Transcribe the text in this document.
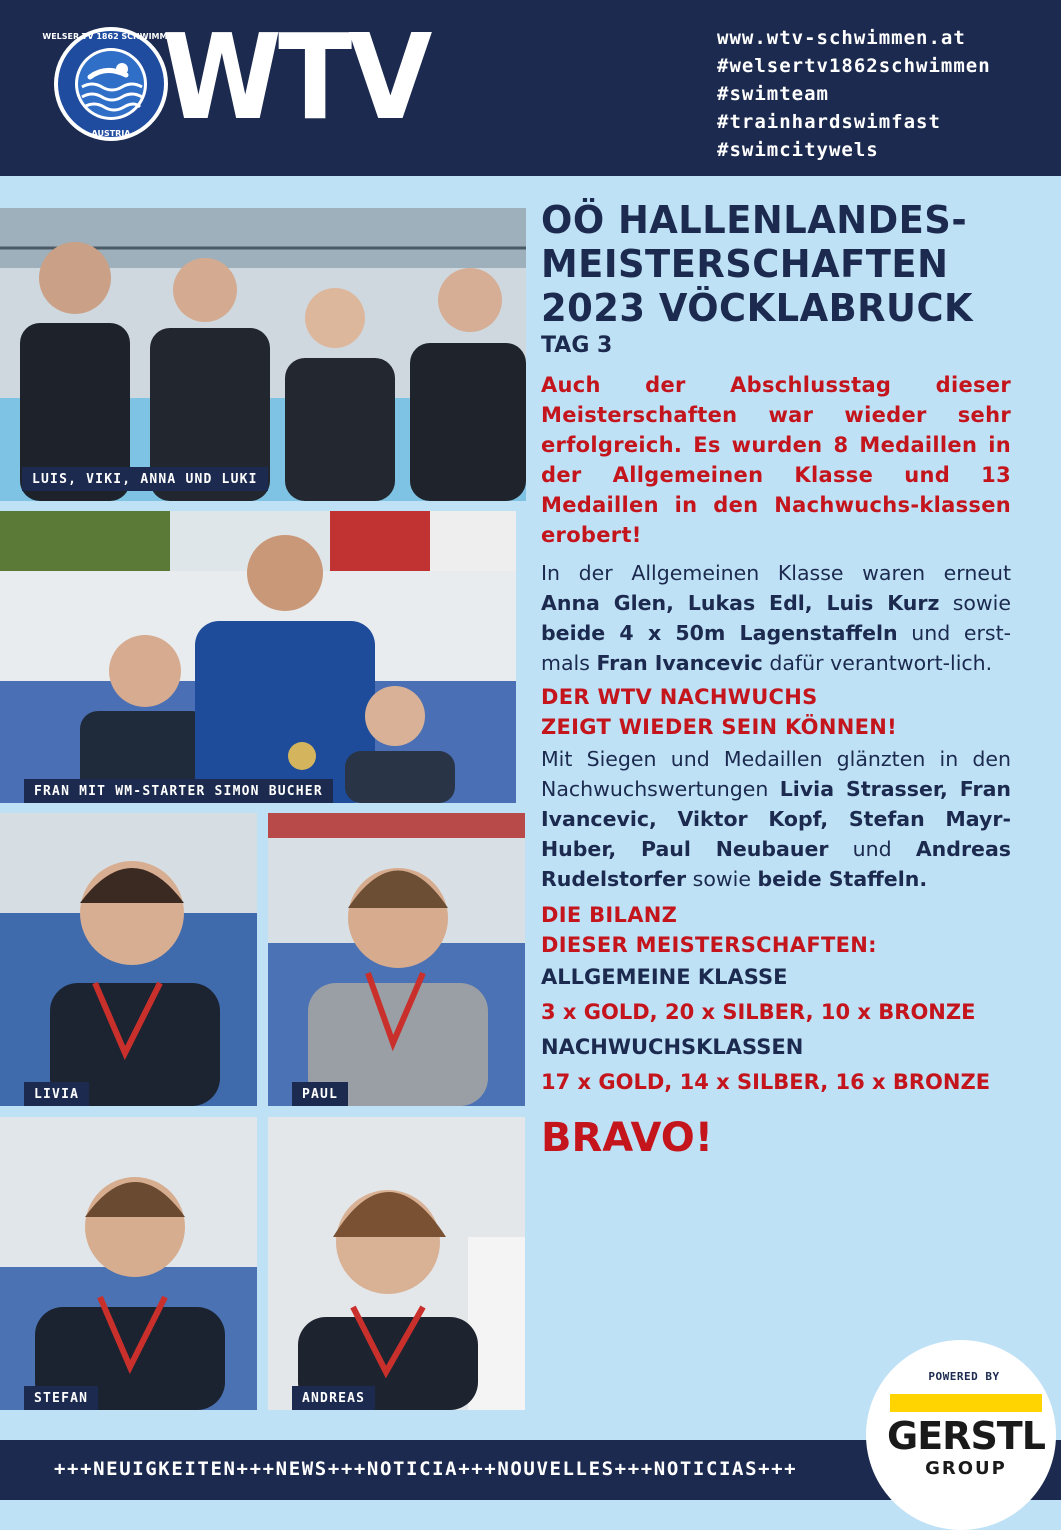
WELSER TV 1862 SCHWIMMEN
AUSTRIA WTV	www.wtv-schwimmen.at
#welsertv1862schwimmen
#swimteam
#trainhardswimfast
#swimcitywels
LUIS, VIKI, ANNA UND LUKI
FRAN MIT WM-STARTER SIMON BUCHER
LIVIA	PAUL
STEFAN	ANDREAS
OÖ HALLENLANDES-
MEISTERSCHAFTEN
2023 VÖCKLABRUCK
TAG 3
Auch der Abschlusstag dieser Meisterschaften war wieder sehr erfolgreich. Es wurden 8 Medaillen in der Allgemeinen Klasse und 13 Medaillen in den Nachwuchs-klassen erobert!
In der Allgemeinen Klasse waren erneut Anna Glen, Lukas Edl, Luis Kurz sowie beide 4 x 50m Lagenstaffeln und erst-mals Fran Ivancevic dafür verantwort-lich.
DER WTV NACHWUCHS
ZEIGT WIEDER SEIN KÖNNEN!
Mit Siegen und Medaillen glänzten in den Nachwuchswertungen Livia Strasser, Fran Ivancevic, Viktor Kopf, Stefan Mayr-Huber, Paul Neubauer und Andreas Rudelstorfer sowie beide Staffeln.
DIE BILANZ
DIESER MEISTERSCHAFTEN:
ALLGEMEINE KLASSE
3 x GOLD, 20 x SILBER, 10 x BRONZE
NACHWUCHSKLASSEN
17 x GOLD, 14 x SILBER, 16 x BRONZE
BRAVO!
+++NEUIGKEITEN+++NEWS+++NOTICIA+++NOUVELLES+++NOTICIAS+++
POWERED BY
GERSTL
GROUP
